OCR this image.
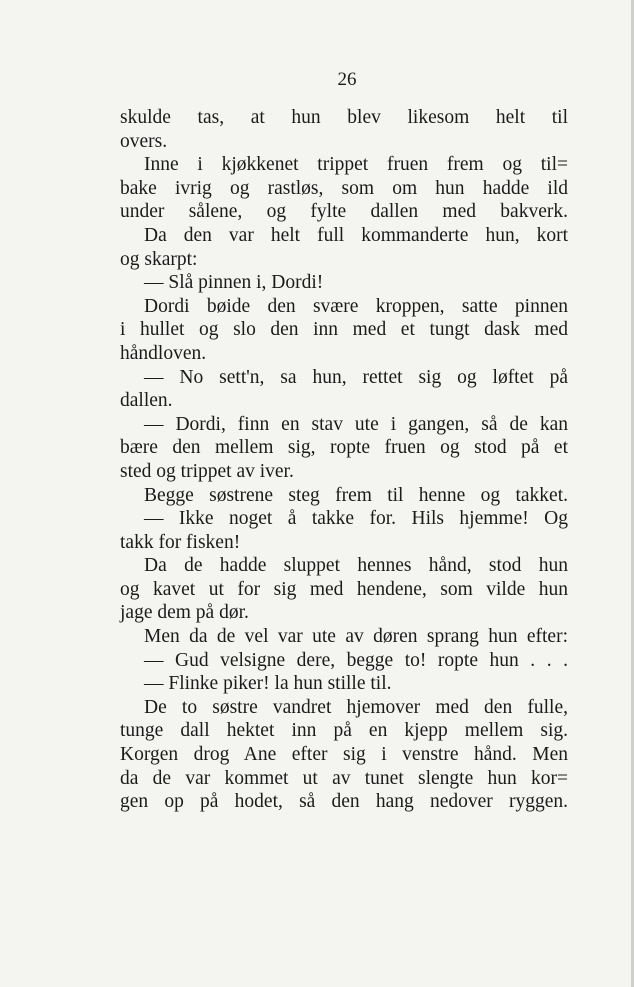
26
skulde tas, at hun blev likesom helt til
overs.
Inne i kjøkkenet trippet fruen frem og til=
bake ivrig og rastløs, som om hun hadde ild
under sålene, og fylte dallen med bakverk.
Da den var helt full kommanderte hun, kort
og skarpt:
— Slå pinnen i, Dordi!
Dordi bøide den svære kroppen, satte pinnen
i hullet og slo den inn med et tungt dask med
håndloven.
— No sett'n, sa hun, rettet sig og løftet på
dallen.
— Dordi, finn en stav ute i gangen, så de kan
bære den mellem sig, ropte fruen og stod på et
sted og trippet av iver.
Begge søstrene steg frem til henne og takket.
— Ikke noget å takke for. Hils hjemme! Og
takk for fisken!
Da de hadde sluppet hennes hånd, stod hun
og kavet ut for sig med hendene, som vilde hun
jage dem på dør.
Men da de vel var ute av døren sprang hun efter:
— Gud velsigne dere, begge to! ropte hun . . .
— Flinke piker! la hun stille til.
De to søstre vandret hjemover med den fulle,
tunge dall hektet inn på en kjepp mellem sig.
Korgen drog Ane efter sig i venstre hånd. Men
da de var kommet ut av tunet slengte hun kor=
gen op på hodet, så den hang nedover ryggen.
